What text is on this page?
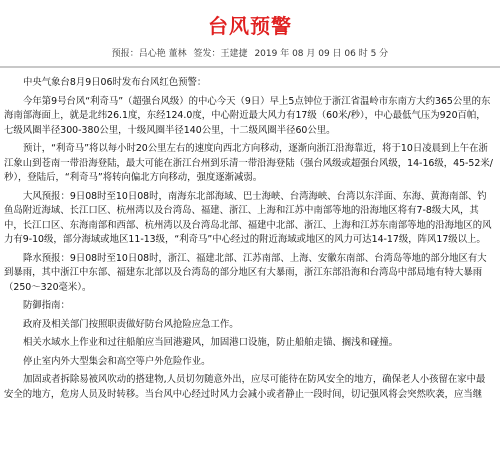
台风预警
预报：吕心艳 董林 签发：王建捷 2019 年 08 月 09 日 06 时 5 分

中央气象台8月9日06时发布台风红色预警：

今年第9号台风“利奇马”（超强台风级）的中心今天（9日）早上5点钟位于浙江省温岭市东南方大约365公里的东海南部海面上，就是北纬26.1度，东经124.0度，中心附近最大风力有17级（60米/秒），中心最低气压为920百帕，七级风圈半径300-380公里，十级风圈半径140公里，十二级风圈半径60公里。

预计，“利奇马”将以每小时20公里左右的速度向西北方向移动，逐渐向浙江沿海靠近，将于10日凌晨到上午在浙江象山到苍南一带沿海登陆，最大可能在浙江台州到乐清一带沿海登陆（强台风级或超强台风级，14-16级，45-52米/秒），登陆后，“利奇马”将转向偏北方向移动，强度逐渐减弱。

大风预报：9日08时至10日08时，南海东北部海域、巴士海峡、台湾海峡、台湾以东洋面、东海、黄海南部、钓鱼岛附近海域、长江口区、杭州湾以及台湾岛、福建、浙江、上海和江苏中南部等地的沿海地区将有7-8级大风，其中，长江口区、东海南部和西部、杭州湾以及台湾岛北部、福建中北部、浙江、上海和江苏东南部等地的沿海地区的风力有9-10级，部分海域或地区11-13级，“利奇马”中心经过的附近海域或地区的风力可达14-17级，阵风17级以上。

降水预报：9日08时至10日08时，浙江、福建北部、江苏南部、上海、安徽东南部、台湾岛等地的部分地区有大到暴雨，其中浙江中东部、福建东北部以及台湾岛的部分地区有大暴雨，浙江东部沿海和台湾岛中部局地有特大暴雨（250～320毫米）。

防御指南：

政府及相关部门按照职责做好防台风抢险应急工作。

相关水域水上作业和过往船舶应当回港避风，加固港口设施，防止船舶走锚、搁浅和碰撞。

停止室内外大型集会和高空等户外危险作业。

加固或者拆除易被风吹动的搭建物,人员切勿随意外出，应尽可能待在防风安全的地方，确保老人小孩留在家中最安全的地方，危房人员及时转移。当台风中心经过时风力会减小或者静止一段时间，切记强风将会突然吹袭，应当继
